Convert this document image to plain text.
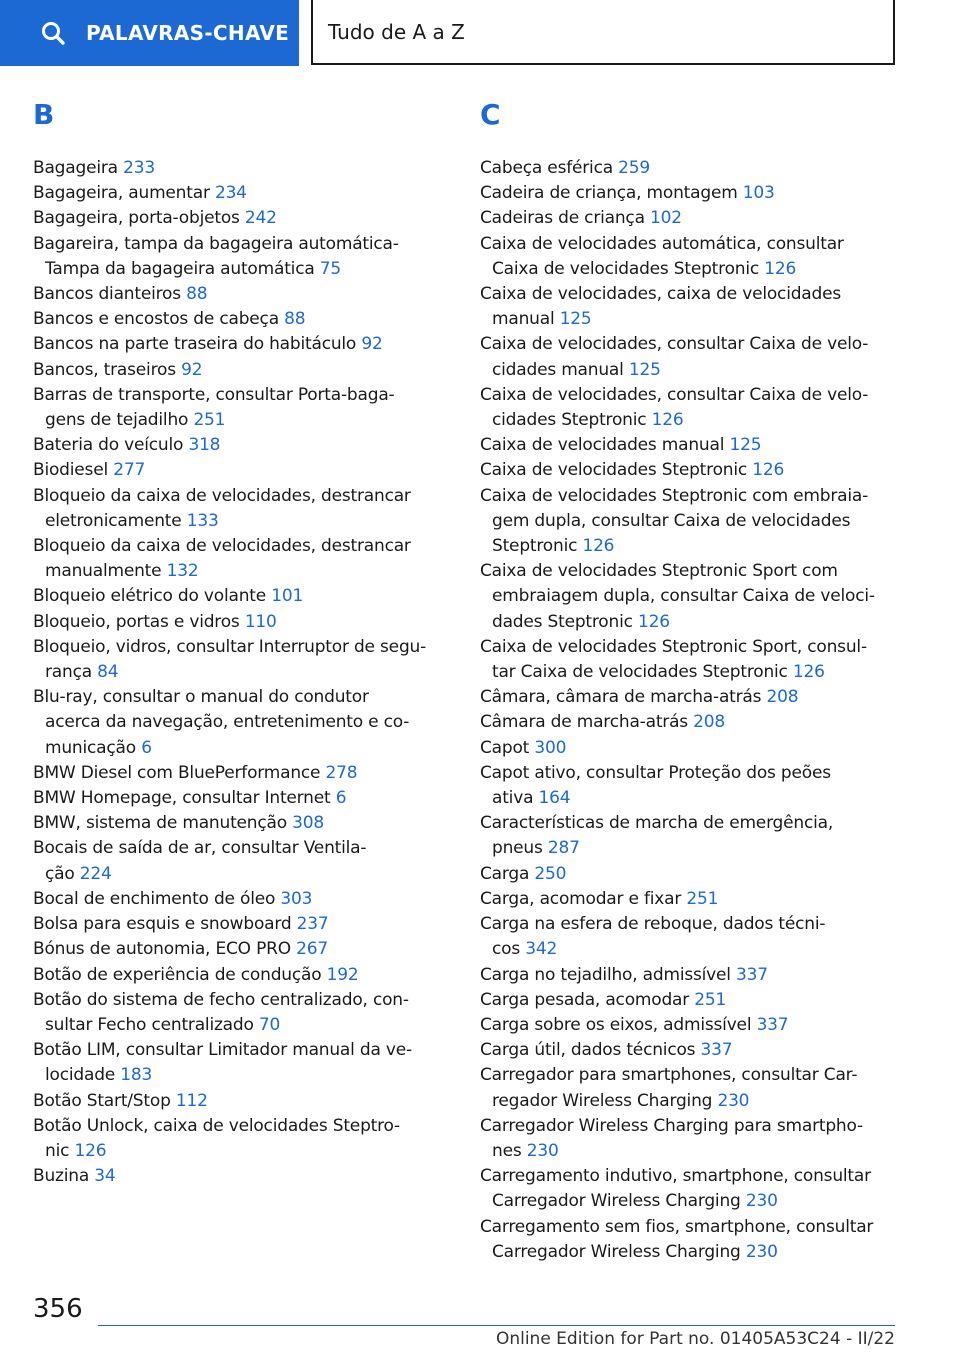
PALAVRAS-CHAVE	Tudo de A a Z
B
Bagageira 233
Bagageira, aumentar 234
Bagageira, porta-objetos 242
Bagareira, tampa da bagageira automática-
Tampa da bagageira automática 75
Bancos dianteiros 88
Bancos e encostos de cabeça 88
Bancos na parte traseira do habitáculo 92
Bancos, traseiros 92
Barras de transporte, consultar Porta-baga-
gens de tejadilho 251
Bateria do veículo 318
Biodiesel 277
Bloqueio da caixa de velocidades, destrancar
eletronicamente 133
Bloqueio da caixa de velocidades, destrancar
manualmente 132
Bloqueio elétrico do volante 101
Bloqueio, portas e vidros 110
Bloqueio, vidros, consultar Interruptor de segu-
rança 84
Blu-ray, consultar o manual do condutor
acerca da navegação, entretenimento e co-
municação 6
BMW Diesel com BluePerformance 278
BMW Homepage, consultar Internet 6
BMW, sistema de manutenção 308
Bocais de saída de ar, consultar Ventila-
ção 224
Bocal de enchimento de óleo 303
Bolsa para esquis e snowboard 237
Bónus de autonomia, ECO PRO 267
Botão de experiência de condução 192
Botão do sistema de fecho centralizado, con-
sultar Fecho centralizado 70
Botão LIM, consultar Limitador manual da ve-
locidade 183
Botão Start/Stop 112
Botão Unlock, caixa de velocidades Steptro-
nic 126
Buzina 34
C
Cabeça esférica 259
Cadeira de criança, montagem 103
Cadeiras de criança 102
Caixa de velocidades automática, consultar
Caixa de velocidades Steptronic 126
Caixa de velocidades, caixa de velocidades
manual 125
Caixa de velocidades, consultar Caixa de velo-
cidades manual 125
Caixa de velocidades, consultar Caixa de velo-
cidades Steptronic 126
Caixa de velocidades manual 125
Caixa de velocidades Steptronic 126
Caixa de velocidades Steptronic com embraia-
gem dupla, consultar Caixa de velocidades
Steptronic 126
Caixa de velocidades Steptronic Sport com
embraiagem dupla, consultar Caixa de veloci-
dades Steptronic 126
Caixa de velocidades Steptronic Sport, consul-
tar Caixa de velocidades Steptronic 126
Câmara, câmara de marcha-atrás 208
Câmara de marcha-atrás 208
Capot 300
Capot ativo, consultar Proteção dos peões
ativa 164
Características de marcha de emergência,
pneus 287
Carga 250
Carga, acomodar e fixar 251
Carga na esfera de reboque, dados técni-
cos 342
Carga no tejadilho, admissível 337
Carga pesada, acomodar 251
Carga sobre os eixos, admissível 337
Carga útil, dados técnicos 337
Carregador para smartphones, consultar Car-
regador Wireless Charging 230
Carregador Wireless Charging para smartpho-
nes 230
Carregamento indutivo, smartphone, consultar
Carregador Wireless Charging 230
Carregamento sem fios, smartphone, consultar
Carregador Wireless Charging 230
356
Online Edition for Part no. 01405A53C24 - II/22
